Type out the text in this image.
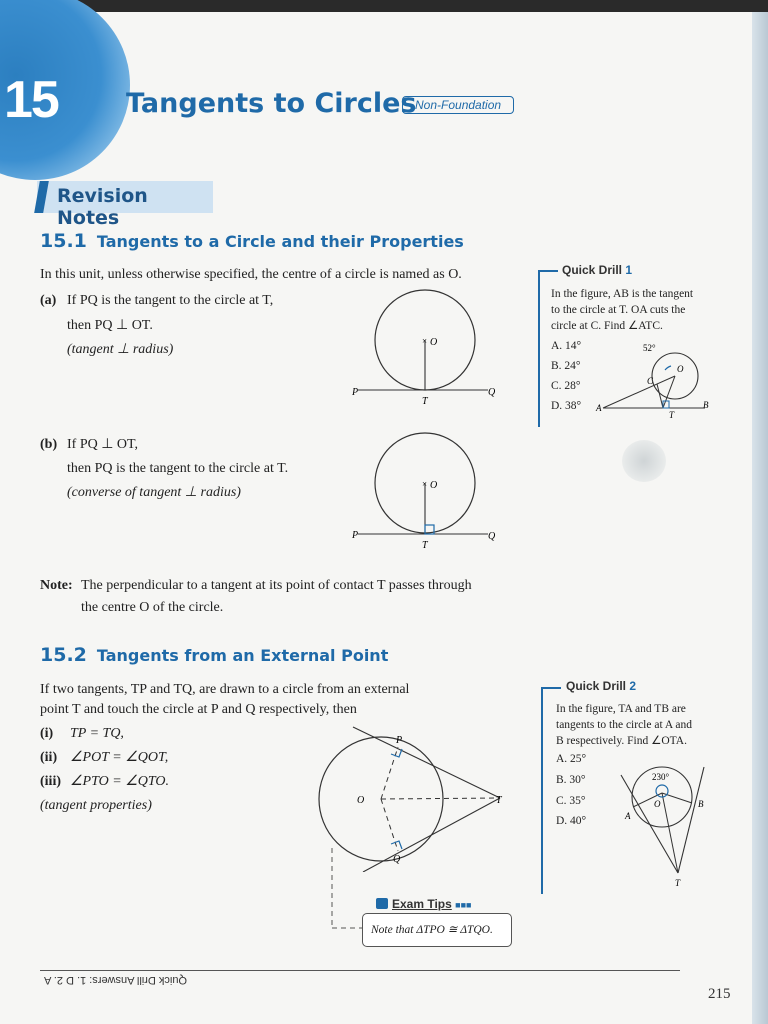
15	Tangents to Circles
Non-Foundation
Revision Notes
15.1 Tangents to a Circle and their Properties
In this unit, unless otherwise specified, the centre of a circle is named as O.
(a) If PQ is the tangent to the circle at T,
then PQ ⊥ OT.
(tangent ⊥ radius)
× O
P	Q
T
(b) If PQ ⊥ OT,
then PQ is the tangent to the circle at T.
(converse of tangent ⊥ radius)
× O
P	Q
T
Note: The perpendicular to a tangent at its point of contact T passes through
the centre O of the circle.
15.2 Tangents from an External Point
If two tangents, TP and TQ, are drawn to a circle from an external
point T and touch the circle at P and Q respectively, then
(i) TP = TQ,
(ii) ∠POT = ∠QOT,
(iii) ∠PTO = ∠QTO.
(tangent properties)
P
O	T
Q
Note that ΔTPO ≅ ΔTQO.
Exam Tips ■■■
Quick Drill 1
In the figure, AB is the tangent
to the circle at T. OA cuts the
circle at C. Find ∠ATC.
A. 14°
B. 24°
C. 28°
D. 38°
52°
O
C
A	B
T
Quick Drill 2
In the figure, TA and TB are
tangents to the circle at A and
B respectively. Find ∠OTA.
A. 25°
B. 30°
C. 35°
D. 40°
230°
O
A
B
T
Quick Drill Answers: 1. D 2. A
215
